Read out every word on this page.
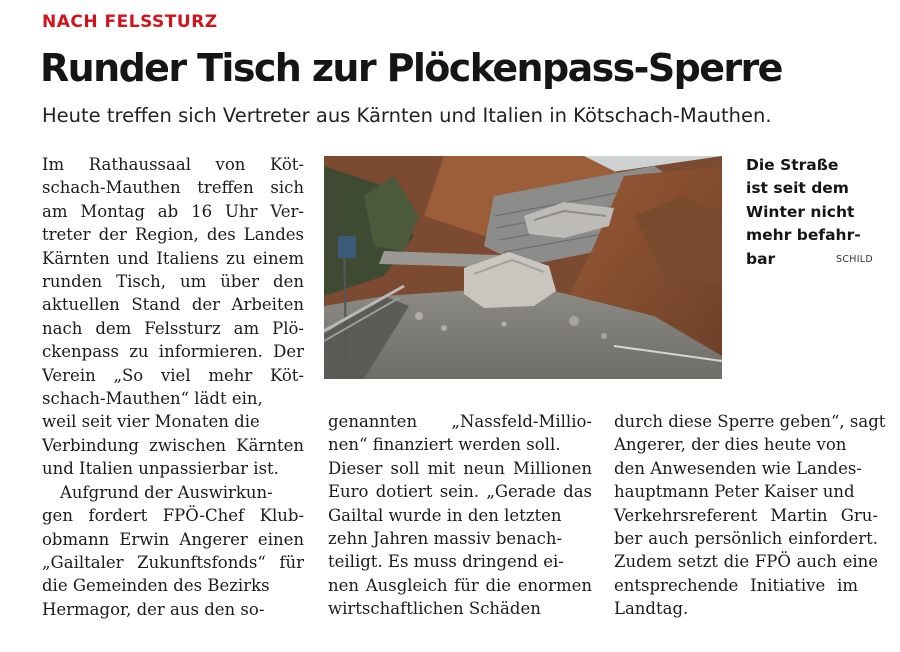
NACH FELSSTURZ
Runder Tisch zur Plöckenpass-Sperre
Heute treffen sich Vertreter aus Kärnten und Italien in Kötschach-Mauthen.
Im Rathaussaal von Köt-
schach-Mauthen treffen sich
am Montag ab 16 Uhr Ver-
treter der Region, des Landes
Kärnten und Italiens zu einem
runden Tisch, um über den
aktuellen Stand der Arbeiten
nach dem Felssturz am Plö-
ckenpass zu informieren. Der
Verein „So viel mehr Köt-
schach-Mauthen“ lädt ein,
weil seit vier Monaten die
Verbindung zwischen Kärnten
und Italien unpassierbar ist.
Aufgrund der Auswirkun-
gen fordert FPÖ-Chef Klub-
obmann Erwin Angerer einen
„Gailtaler Zukunftsfonds“ für
die Gemeinden des Bezirks
Hermagor, der aus den so-
Die Straße
ist seit dem
Winter nicht
mehr befahr-
bar	SCHILD
genannten „Nassfeld-Millio-
nen“ finanziert werden soll.
Dieser soll mit neun Millionen
Euro dotiert sein. „Gerade das
Gailtal wurde in den letzten
zehn Jahren massiv benach-
teiligt. Es muss dringend ei-
nen Ausgleich für die enormen
wirtschaftlichen Schäden
durch diese Sperre geben“, sagt
Angerer, der dies heute von
den Anwesenden wie Landes-
hauptmann Peter Kaiser und
Verkehrsreferent Martin Gru-
ber auch persönlich einfordert.
Zudem setzt die FPÖ auch eine
entsprechende Initiative im
Landtag.
